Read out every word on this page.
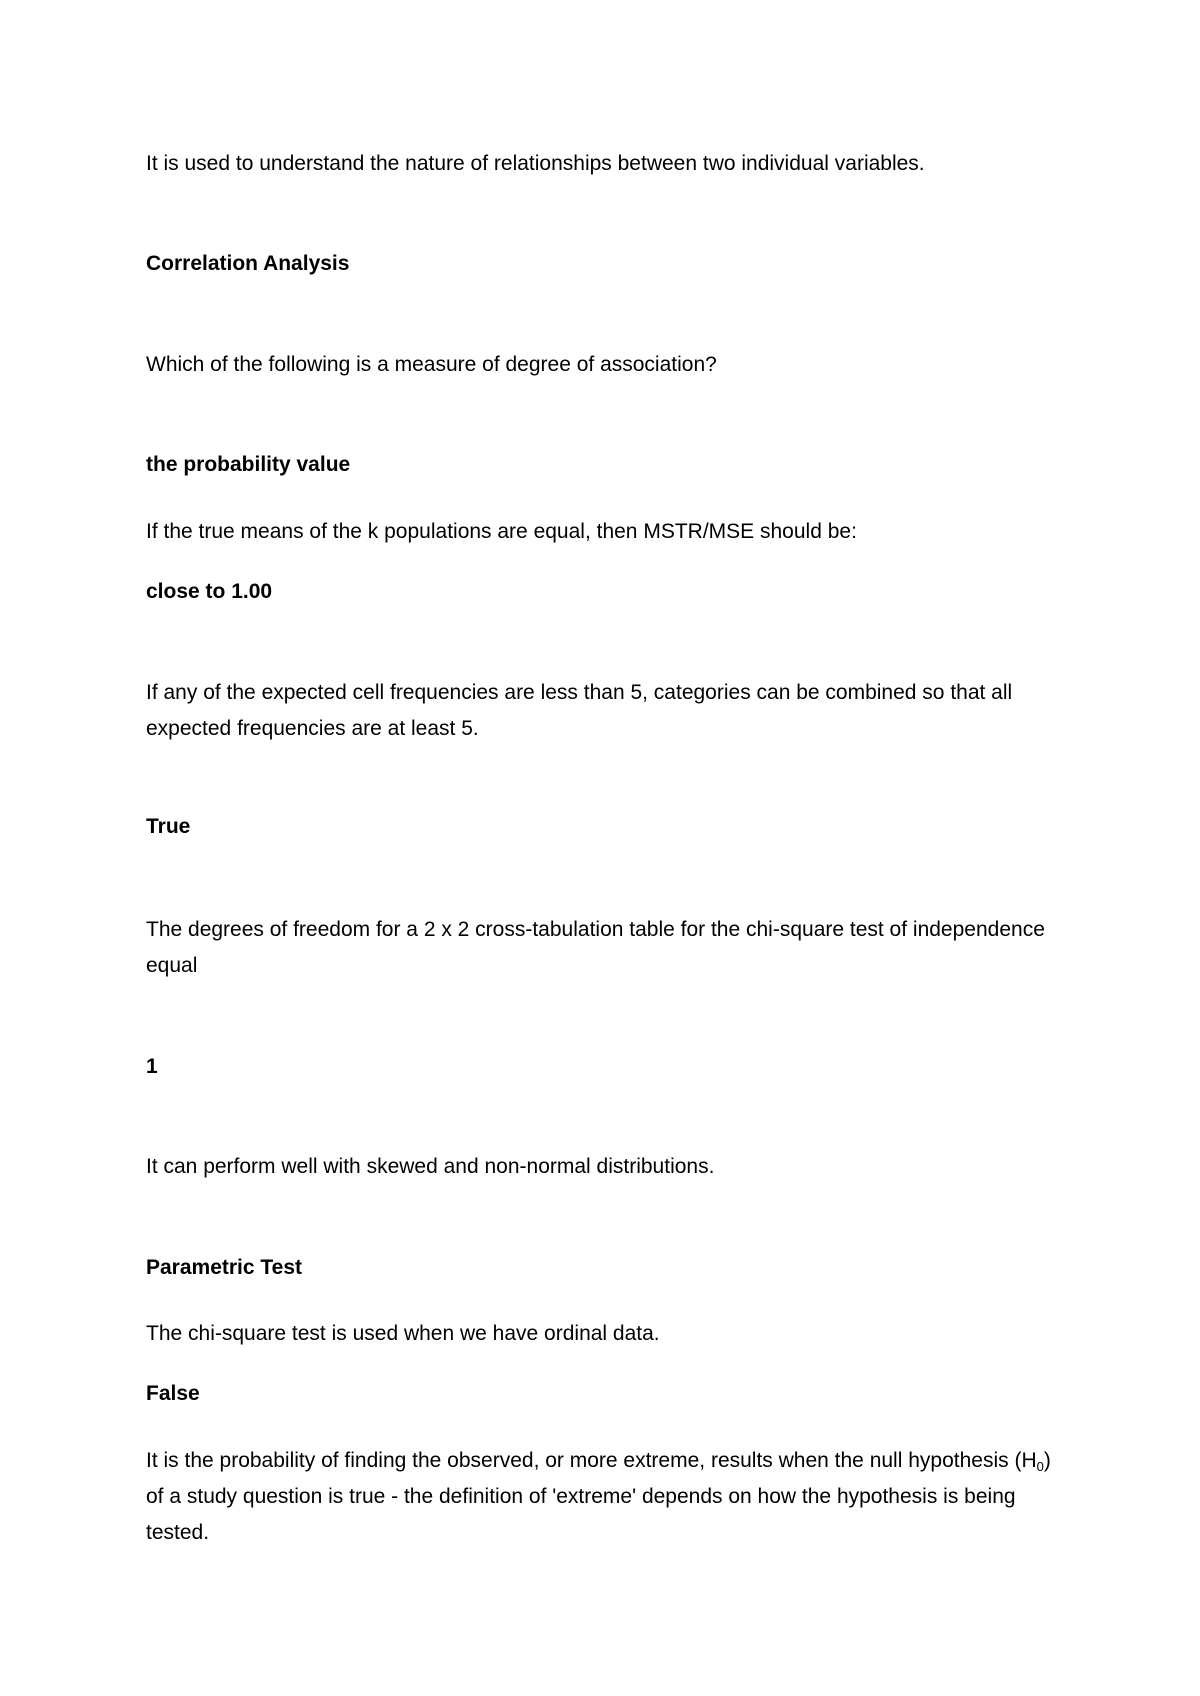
It is used to understand the nature of relationships between two individual variables.
Correlation Analysis
Which of the following is a measure of degree of association?
the probability value
If the true means of the k populations are equal, then MSTR/MSE should be:
close to 1.00
If any of the expected cell frequencies are less than 5, categories can be combined so that all expected frequencies are at least 5.
True
The degrees of freedom for a 2 x 2 cross-tabulation table for the chi-square test of independence equal
1
It can perform well with skewed and non-normal distributions.
Parametric Test
The chi-square test is used when we have ordinal data.
False
It is the probability of finding the observed, or more extreme, results when the null hypothesis $(H_0)$ of a study question is true - the definition of 'extreme' depends on how the hypothesis is being tested.
